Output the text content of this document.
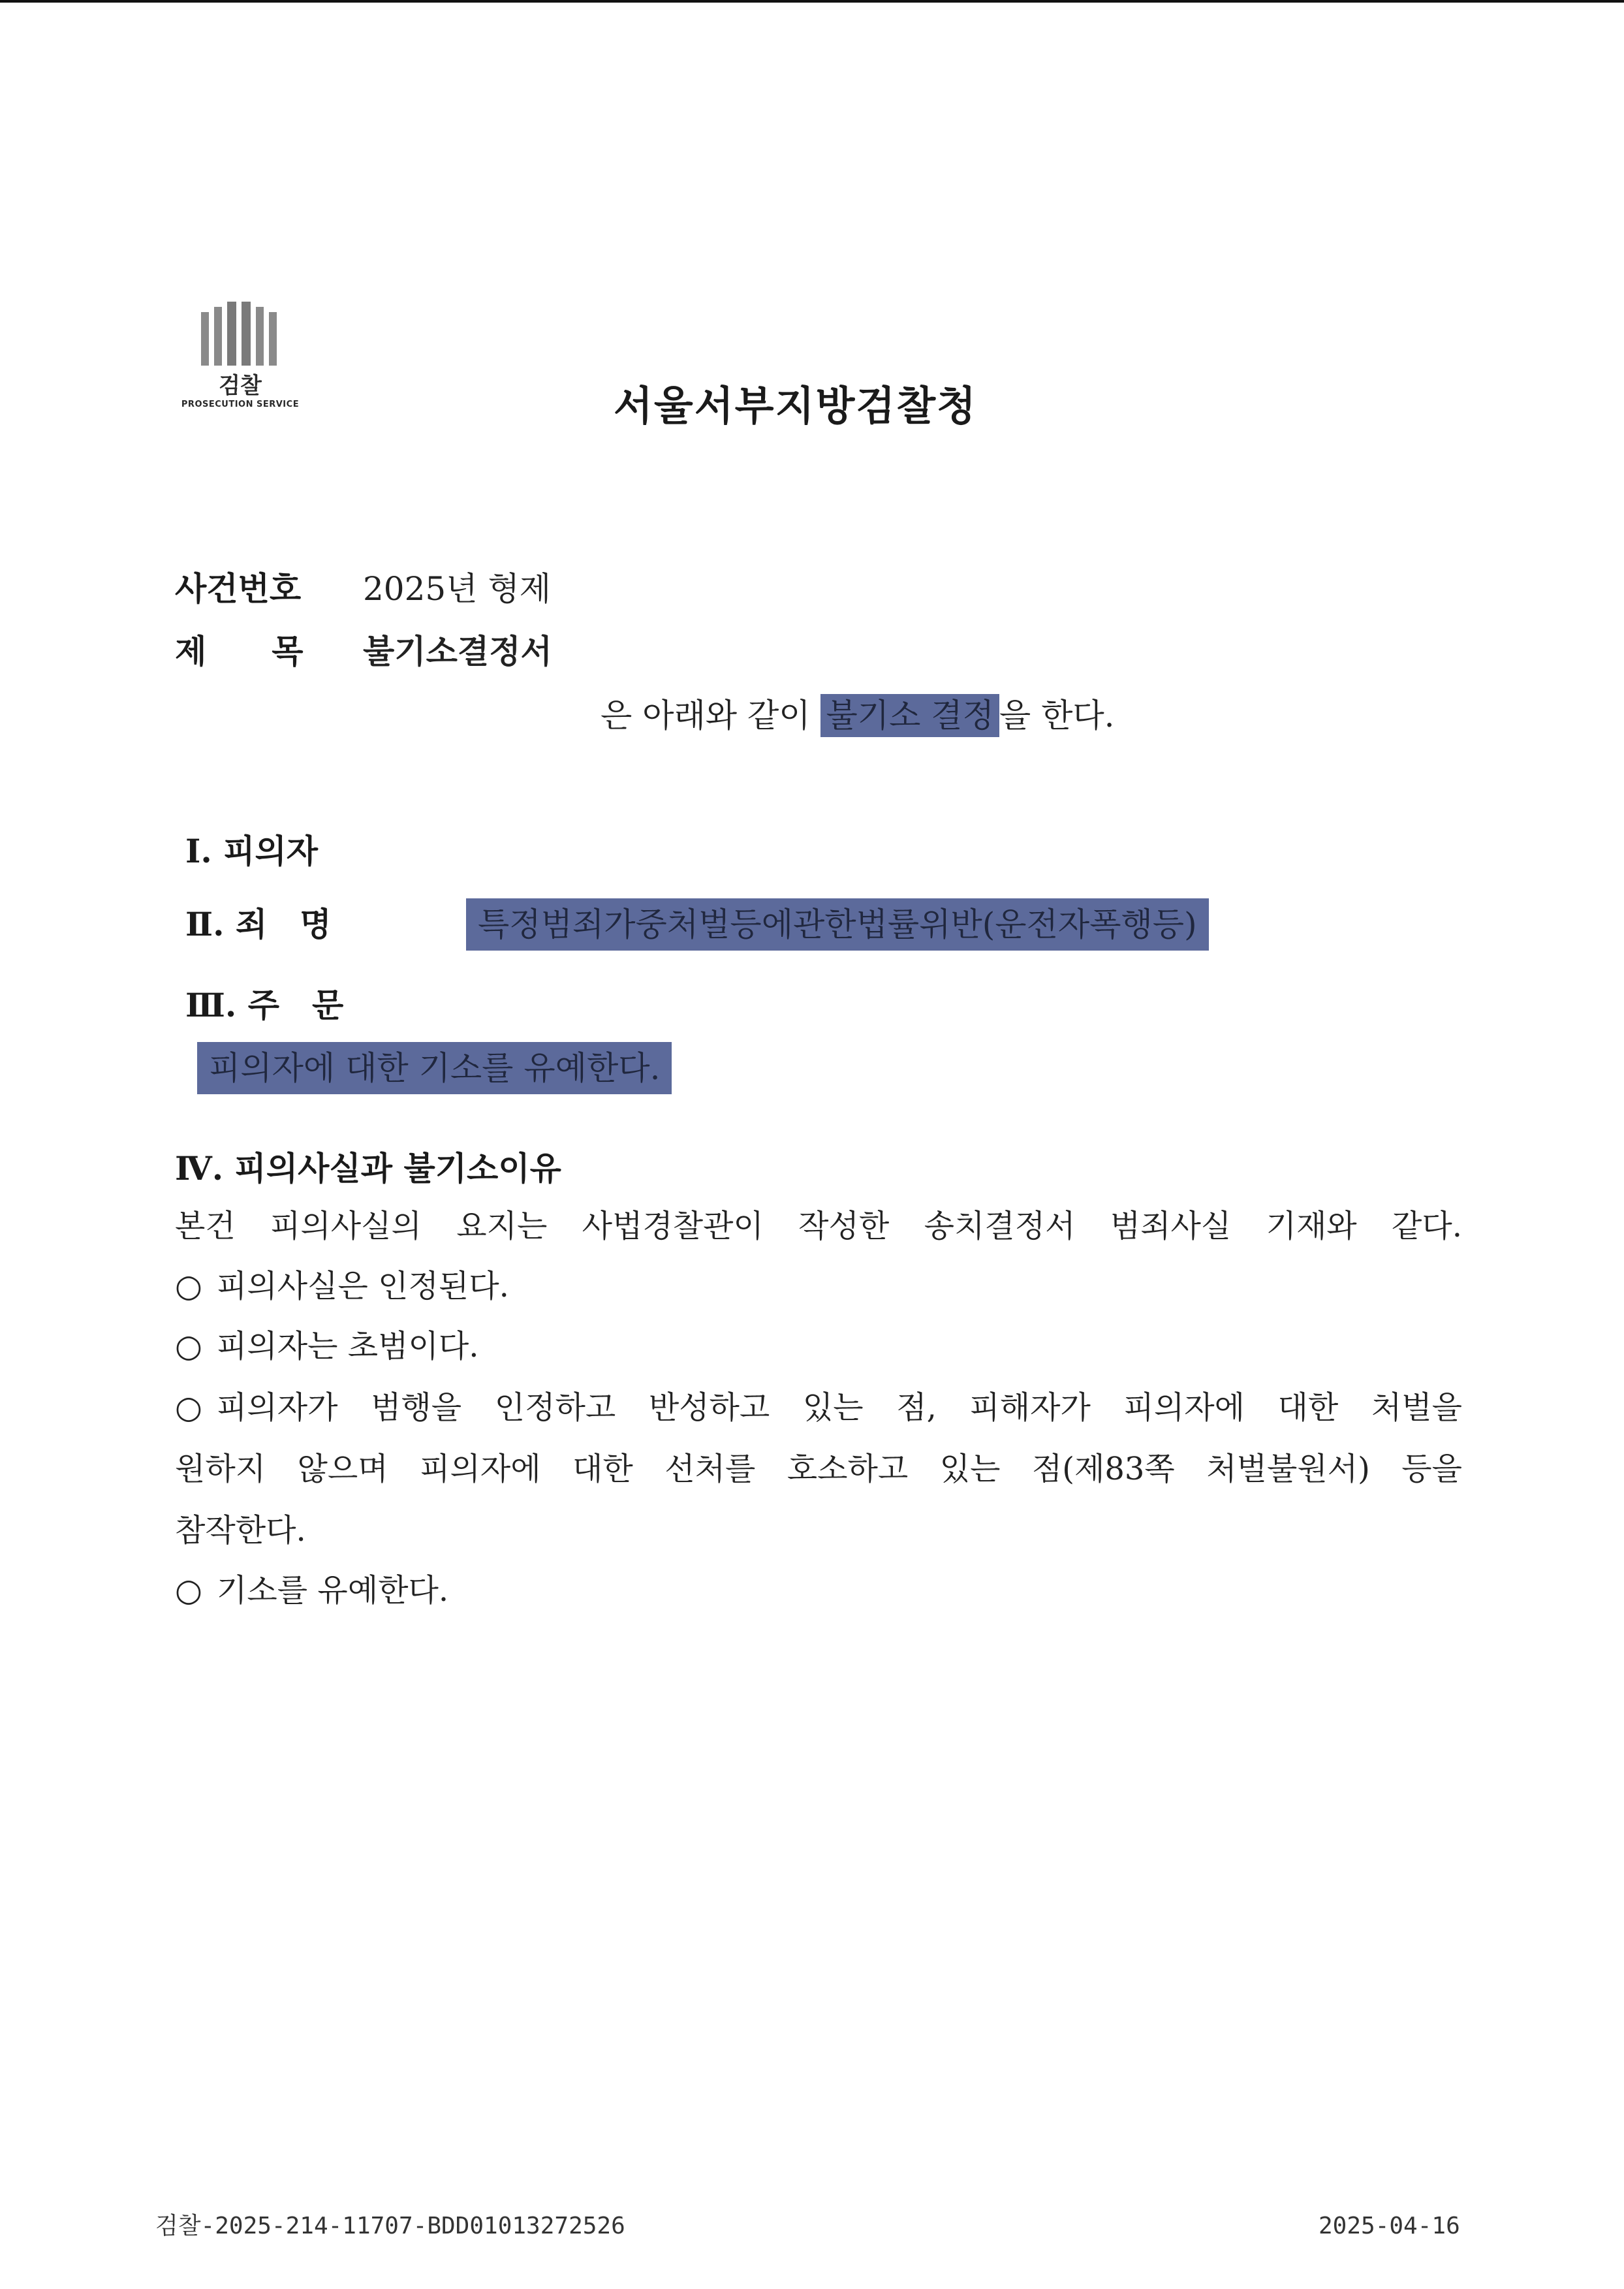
검찰
PROSECUTION SERVICE	서울서부지방검찰청
사건번호 2025년 형제
제　　목 불기소결정서
은 아래와 같이 불기소 결정 을 한다.
Ⅰ. 피의자
Ⅱ. 죄　명	특정범죄가중처벌등에관한법률위반(운전자폭행등)
Ⅲ. 주　문
피의자에 대한 기소를 유예한다.
Ⅳ. 피의사실과 불기소이유
본건 피의사실의 요지는 사법경찰관이 작성한 송치결정서 범죄사실 기재와 같다.
○ 피의사실은 인정된다.
○ 피의자는 초범이다.
○ 피의자가 범행을 인정하고 반성하고 있는 점, 피해자가 피의자에 대한 처벌을
원하지 않으며 피의자에 대한 선처를 호소하고 있는 점(제83쪽 처벌불원서) 등을
참작한다.
○ 기소를 유예한다.
검찰-2025-214-11707-BDD01013272526	2025-04-16
